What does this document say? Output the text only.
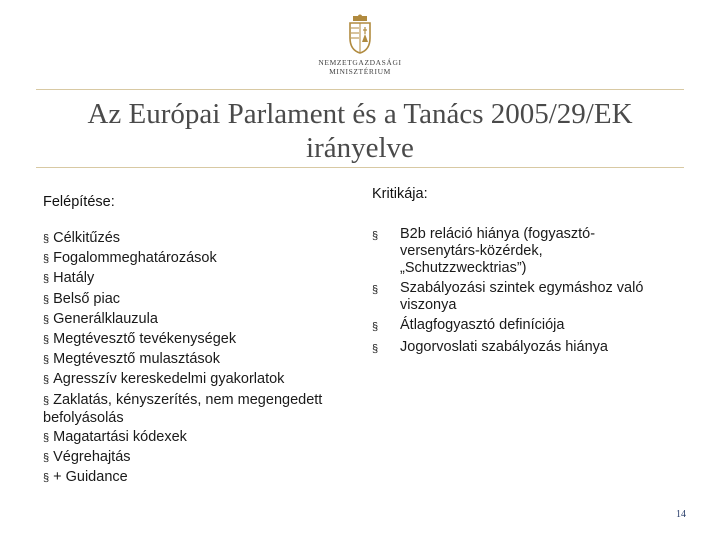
NEMZETGAZDASÁGI
MINISZTÉRIUM
Az Európai Parlament és a Tanács 2005/29/EK
irányelve
Felépítése:	Kritikája:
§ Célkitűzés
§ Fogalommeghatározások
§ Hatály
§ Belső piac
§ Generálklauzula
§ Megtévesztő tevékenységek
§ Megtévesztő mulasztások
§ Agresszív kereskedelmi gyakorlatok
§ Zaklatás, kényszerítés, nem megengedett befolyásolás
§ Magatartási kódexek
§ Végrehajtás
§ + Guidance
§	B2b reláció hiánya (fogyasztó-versenytárs-közérdek, „Schutzzwecktrias”)
§	Szabályozási szintek egymáshoz való viszonya
§	Átlagfogyasztó definíciója
§	Jogorvoslati szabályozás hiánya
14
